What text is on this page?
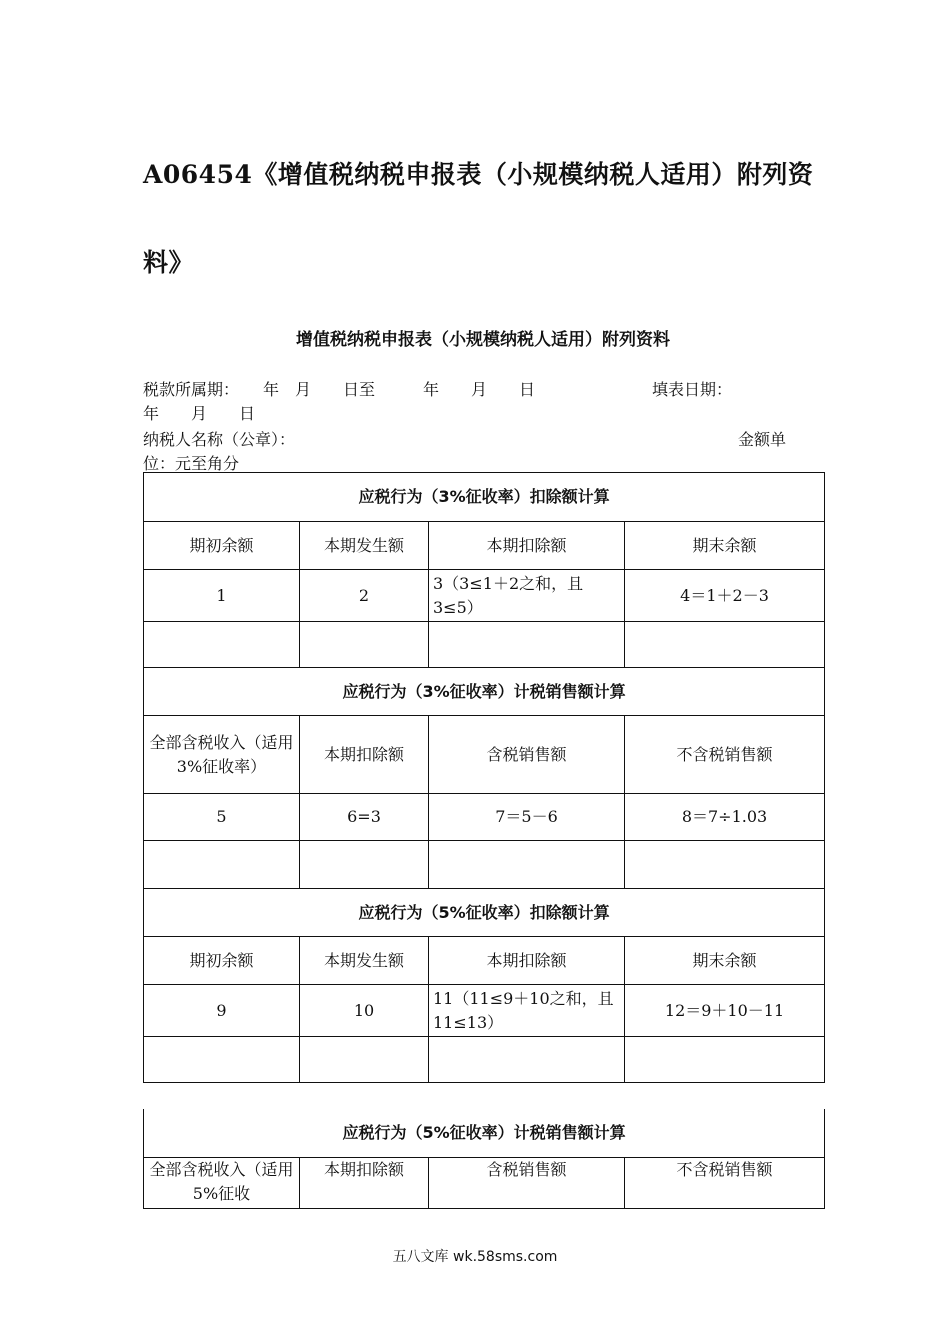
A06454《增值税纳税申报表（小规模纳税人适用）附列资
料》
增值税纳税申报表（小规模纳税人适用）附列资料
税款所属期：　　年　月　　日至　　　年　　月　　日	填表日期：
年　　月　　日
纳税人名称（公章）：	金额单
位：元至角分
应税行为（3%征收率）扣除额计算			
期初余额	本期发生额	本期扣除额	期末余额
1	2	3（3≤1＋2之和，且3≤5）	4＝1＋2－3

应税行为（3%征收率）计税销售额计算			
全部含税收入（适用3%征收率）	本期扣除额	含税销售额	不含税销售额
5	6=3	7＝5－6	8＝7÷1.03

应税行为（5%征收率）扣除额计算			
期初余额	本期发生额	本期扣除额	期末余额
9	10	11（11≤9＋10之和，且11≤13）	12＝9＋10－11

应税行为（5%征收率）计税销售额计算
全部含税收入（适用5%征收	本期扣除额	含税销售额	不含税销售额
五八文库 wk.58sms.com
